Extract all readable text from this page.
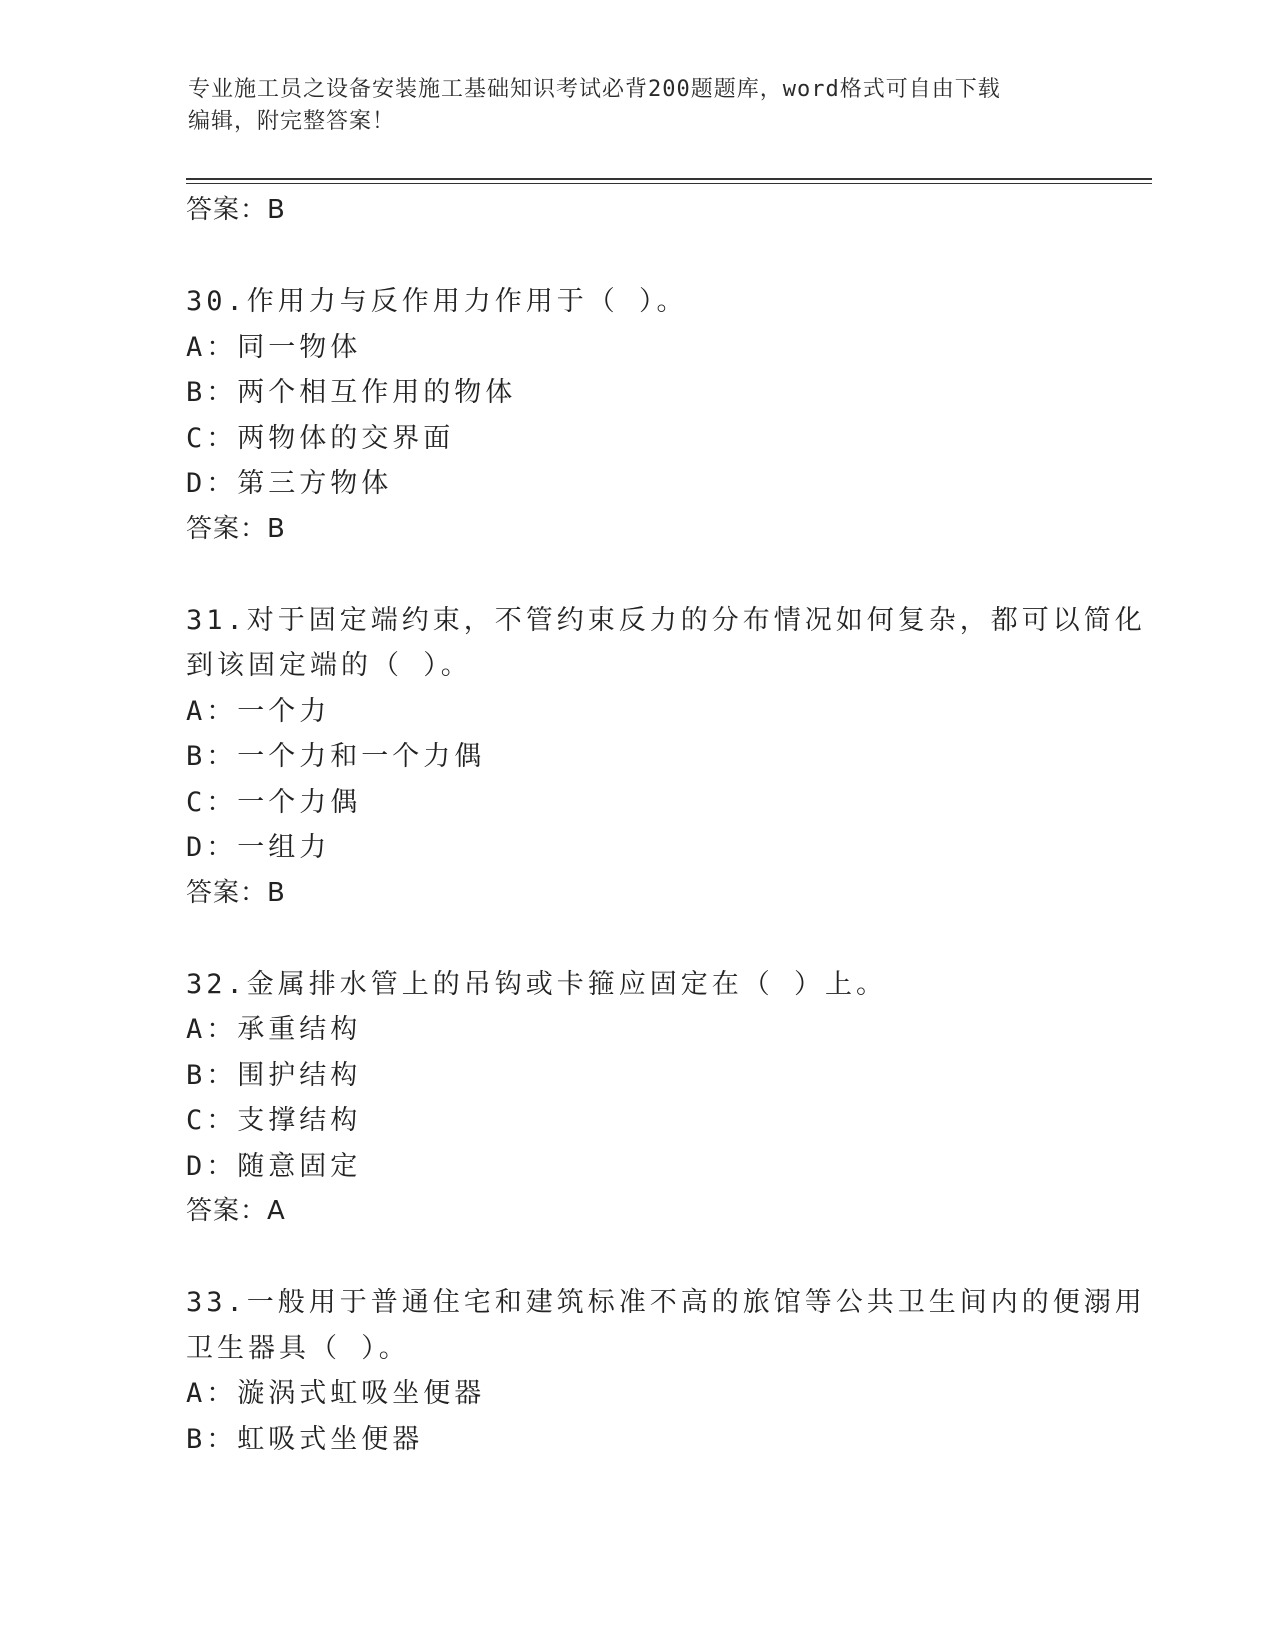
专业施工员之设备安装施工基础知识考试必背200题题库，word格式可自由下载
编辑，附完整答案！
答案：B
30.作用力与反作用力作用于（ ）。
A：同一物体
B：两个相互作用的物体
C：两物体的交界面
D：第三方物体
答案：B
31.对于固定端约束，不管约束反力的分布情况如何复杂，都可以简化
到该固定端的（ ）。
A：一个力
B：一个力和一个力偶
C：一个力偶
D：一组力
答案：B
32.金属排水管上的吊钩或卡箍应固定在（ ）上。
A：承重结构
B：围护结构
C：支撑结构
D：随意固定
答案：A
33.一般用于普通住宅和建筑标准不高的旅馆等公共卫生间内的便溺用
卫生器具（ ）。
A：漩涡式虹吸坐便器
B：虹吸式坐便器
